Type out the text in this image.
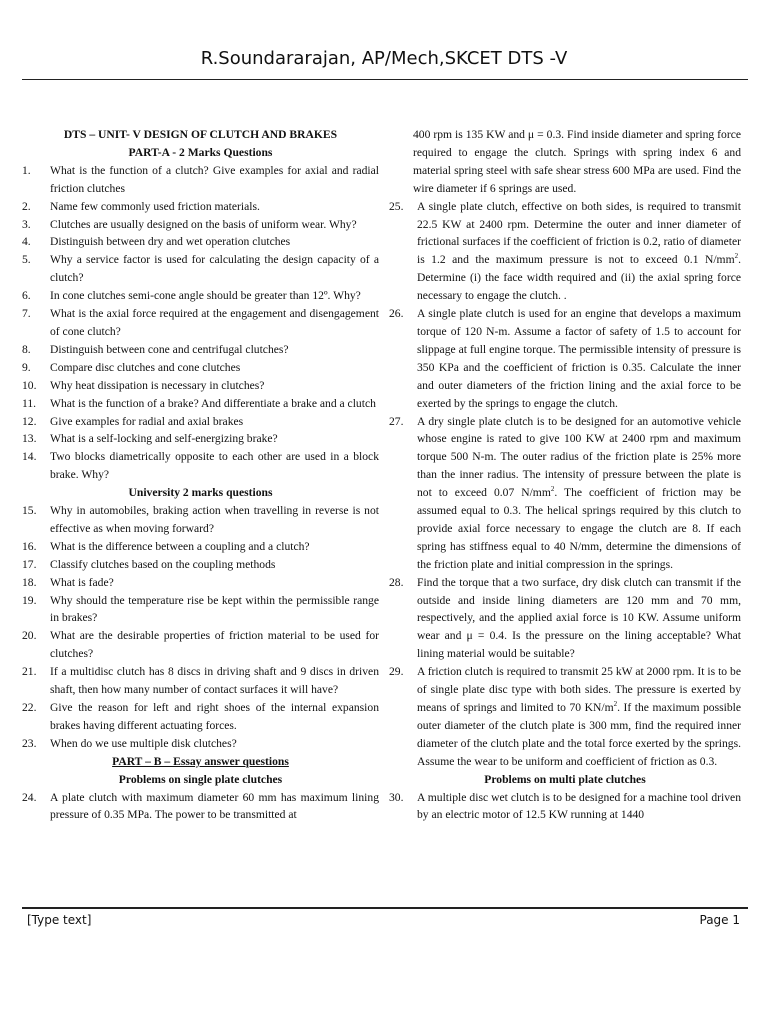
R.Soundararajan, AP/Mech,SKCET DTS -V
DTS – UNIT- V DESIGN OF CLUTCH AND BRAKES
PART-A - 2 Marks Questions
1.	What is the function of a clutch? Give examples for axial and radial friction clutches
2.	Name few commonly used friction materials.
3.	Clutches are usually designed on the basis of uniform wear. Why?
4.	Distinguish between dry and wet operation clutches
5.	Why a service factor is used for calculating the design capacity of a clutch?
6.	In cone clutches semi-cone angle should be greater than 12º. Why?
7.	What is the axial force required at the engagement and disengagement of cone clutch?
8.	Distinguish between cone and centrifugal clutches?
9.	Compare disc clutches and cone clutches
10.	Why heat dissipation is necessary in clutches?
11.	What is the function of a brake? And differentiate a brake and a clutch
12.	Give examples for radial and axial brakes
13.	What is a self-locking and self-energizing brake?
14.	Two blocks diametrically opposite to each other are used in a block brake. Why?
University 2 marks questions
15.	Why in automobiles, braking action when travelling in reverse is not effective as when moving forward?
16.	What is the difference between a coupling and a clutch?
17.	Classify clutches based on the coupling methods
18.	What is fade?
19.	Why should the temperature rise be kept within the permissible range in brakes?
20.	What are the desirable properties of friction material to be used for clutches?
21.	If a multidisc clutch has 8 discs in driving shaft and 9 discs in driven shaft, then how many number of contact surfaces it will have?
22.	Give the reason for left and right shoes of the internal expansion brakes having different actuating forces.
23.	When do we use multiple disk clutches?
PART – B – Essay answer questions
Problems on single plate clutches
24.	A plate clutch with maximum diameter 60 mm has maximum lining pressure of 0.35 MPa. The power to be transmitted at
400 rpm is 135 KW and μ = 0.3. Find inside diameter and spring force required to engage the clutch. Springs with spring index 6 and material spring steel with safe shear stress 600 MPa are used. Find the wire diameter if 6 springs are used.
25.	A single plate clutch, effective on both sides, is required to transmit 22.5 KW at 2400 rpm. Determine the outer and inner diameter of frictional surfaces if the coefficient of friction is 0.2, ratio of diameter is 1.2 and the maximum pressure is not to exceed 0.1 $N/mm^2$. Determine (i) the face width required and (ii) the axial spring force necessary to engage the clutch. .
26.	A single plate clutch is used for an engine that develops a maximum torque of 120 N-m. Assume a factor of safety of 1.5 to account for slippage at full engine torque. The permissible intensity of pressure is 350 KPa and the coefficient of friction is 0.35. Calculate the inner and outer diameters of the friction lining and the axial force to be exerted by the springs to engage the clutch.
27.	A dry single plate clutch is to be designed for an automotive vehicle whose engine is rated to give 100 KW at 2400 rpm and maximum torque 500 N-m. The outer radius of the friction plate is 25% more than the inner radius. The intensity of pressure between the plate is not to exceed 0.07 $N/mm^2$. The coefficient of friction may be assumed equal to 0.3. The helical springs required by this clutch to provide axial force necessary to engage the clutch are 8. If each spring has stiffness equal to 40 N/mm, determine the dimensions of the friction plate and initial compression in the springs.
28.	Find the torque that a two surface, dry disk clutch can transmit if the outside and inside lining diameters are 120 mm and 70 mm, respectively, and the applied axial force is 10 KW. Assume uniform wear and μ = 0.4. Is the pressure on the lining acceptable? What lining material would be suitable?
29.	A friction clutch is required to transmit 25 kW at 2000 rpm. It is to be of single plate disc type with both sides. The pressure is exerted by means of springs and limited to 70 $KN/m^2$. If the maximum possible outer diameter of the clutch plate is 300 mm, find the required inner diameter of the clutch plate and the total force exerted by the springs. Assume the wear to be uniform and coefficient of friction as 0.3.
Problems on multi plate clutches
30.	A multiple disc wet clutch is to be designed for a machine tool driven by an electric motor of 12.5 KW running at 1440
[Type text]	Page 1
